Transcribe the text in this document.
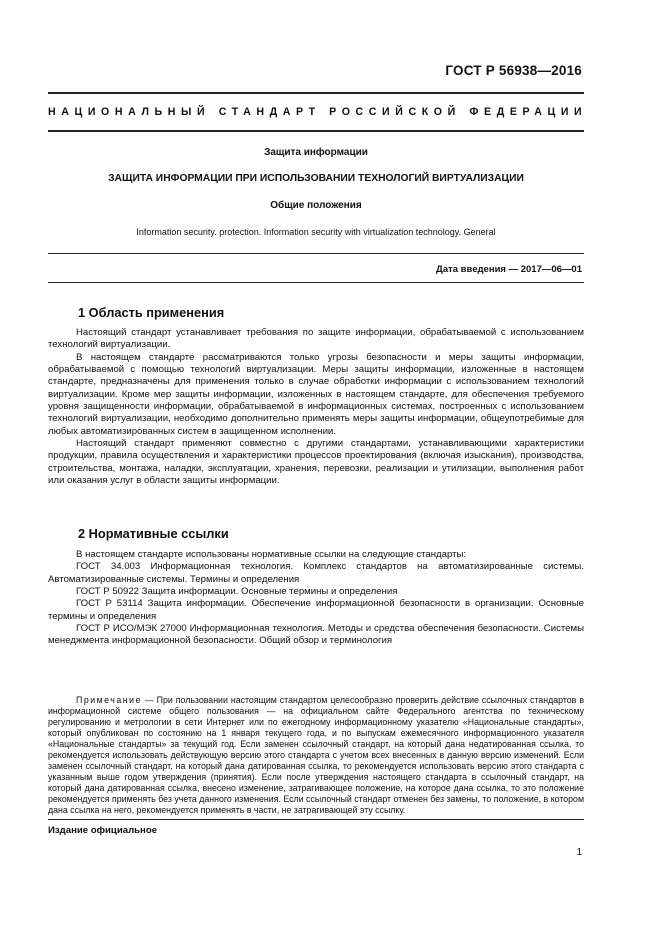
ГОСТ Р 56938—2016
НАЦИОНАЛЬНЫЙ СТАНДАРТ РОССИЙСКОЙ ФЕДЕРАЦИИ
Защита информации
ЗАЩИТА ИНФОРМАЦИИ ПРИ ИСПОЛЬЗОВАНИИ ТЕХНОЛОГИЙ ВИРТУАЛИЗАЦИИ
Общие положения
Information security. protection. Information security with virtualization technology. General
Дата введения — 2017—06—01
1 Область применения

Настоящий стандарт устанавливает требования по защите информации, обрабатываемой с использованием технологий виртуализации.

В настоящем стандарте рассматриваются только угрозы безопасности и меры защиты информации, обрабатываемой с помощью технологий виртуализации. Меры защиты информации, изложенные в настоящем стандарте, предназначены для применения только в случае обработки информации с использованием технологий виртуализации. Кроме мер защиты информации, изложенных в настоящем стандарте, для обеспечения требуемого уровня защищенности информации, обрабатываемой в информационных системах, построенных с использованием технологий виртуализации, необходимо дополнительно применять меры защиты информации, общеупотребимые для любых автоматизированных систем в защищенном исполнении.

Настоящий стандарт применяют совместно с другими стандартами, устанавливающими характеристики продукции, правила осуществления и характеристики процессов проектирования (включая изыскания), производства, строительства, монтажа, наладки, эксплуатации, хранения, перевозки, реализации и утилизации, выполнения работ или оказания услуг в области защиты информации.

2 Нормативные ссылки

В настоящем стандарте использованы нормативные ссылки на следующие стандарты:

ГОСТ 34.003 Информационная технология. Комплекс стандартов на автоматизированные системы. Автоматизированные системы. Термины и определения

ГОСТ Р 50922 Защита информации. Основные термины и определения

ГОСТ Р 53114 Защита информации. Обеспечение информационной безопасности в организации. Основные термины и определения

ГОСТ Р ИСО/МЭК 27000 Информационная технология. Методы и средства обеспечения безопасности. Системы менеджмента информационной безопасности. Общий обзор и терминология

Примечание — При пользовании настоящим стандартом целесообразно проверить действие ссылочных стандартов в информационной системе общего пользования — на официальном сайте Федерального агентства по техническому регулированию и метрологии в сети Интернет или по ежегодному информационному указателю «Национальные стандарты», который опубликован по состоянию на 1 января текущего года, и по выпускам ежемесячного информационного указателя «Национальные стандарты» за текущий год. Если заменен ссылочный стандарт, на который дана недатированная ссылка, то рекомендуется использовать действующую версию этого стандарта с учетом всех внесенных в данную версию изменений. Если заменен ссылочный стандарт, на который дана датированная ссылка, то рекомендуется использовать версию этого стандарта с указанным выше годом утверждения (принятия). Если после утверждения настоящего стандарта в ссылочный стандарт, на который дана датированная ссылка, внесено изменение, затрагивающее положение, на которое дана ссылка, то это положение рекомендуется применять без учета данного изменения. Если ссылочный стандарт отменен без замены, то положение, в котором дана ссылка на него, рекомендуется применять в части, не затрагивающей эту ссылку.

Издание официальное
1
